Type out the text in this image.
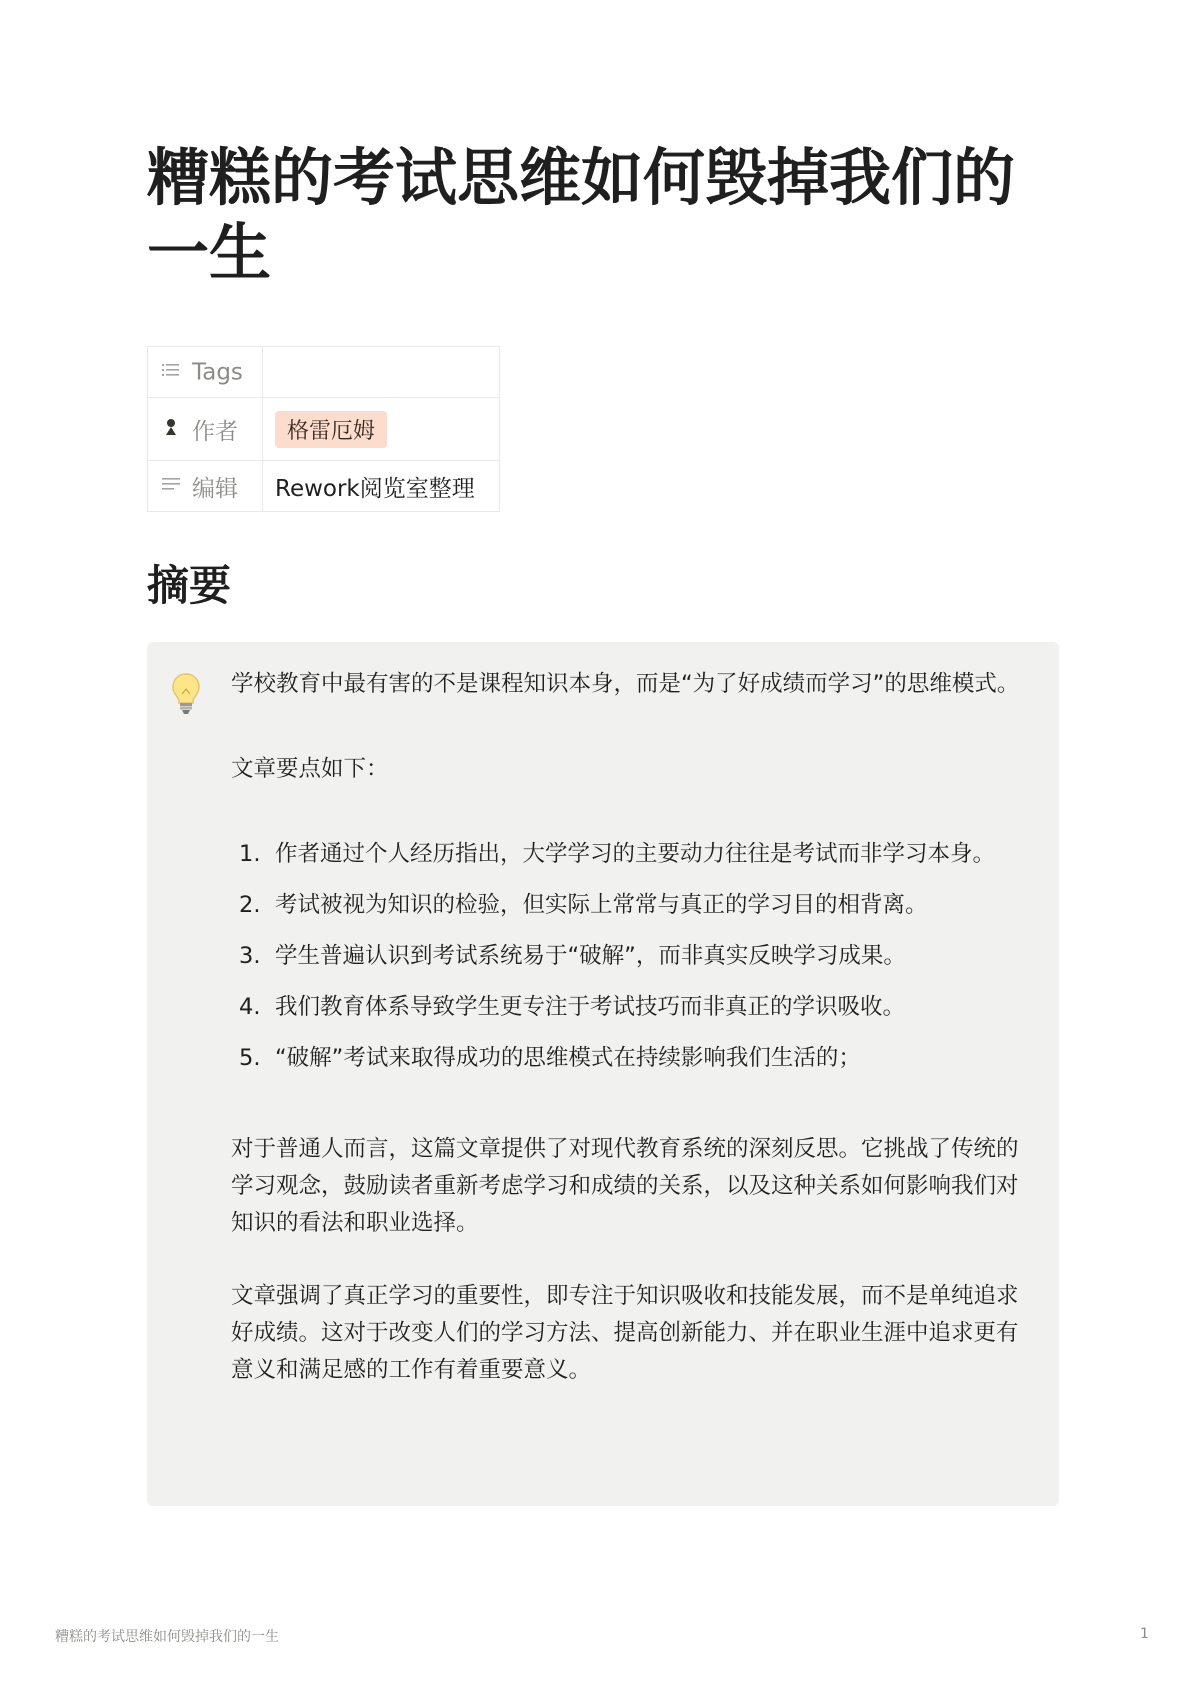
糟糕的考试思维如何毁掉我们的一生
Tags	
作者	格雷厄姆
编辑	Rework阅览室整理
摘要

学校教育中最有害的不是课程知识本身，而是“为了好成绩而学习”的思维模式。

文章要点如下：

1. 作者通过个人经历指出，大学学习的主要动力往往是考试而非学习本身。
2. 考试被视为知识的检验，但实际上常常与真正的学习目的相背离。
3. 学生普遍认识到考试系统易于“破解”，而非真实反映学习成果。
4. 我们教育体系导致学生更专注于考试技巧而非真正的学识吸收。
5. “破解”考试来取得成功的思维模式在持续影响我们生活的；

对于普通人而言，这篇文章提供了对现代教育系统的深刻反思。它挑战了传统的学习观念，鼓励读者重新考虑学习和成绩的关系，以及这种关系如何影响我们对知识的看法和职业选择。

文章强调了真正学习的重要性，即专注于知识吸收和技能发展，而不是单纯追求好成绩。这对于改变人们的学习方法、提高创新能力、并在职业生涯中追求更有意义和满足感的工作有着重要意义。

糟糕的考试思维如何毁掉我们的一生	1
